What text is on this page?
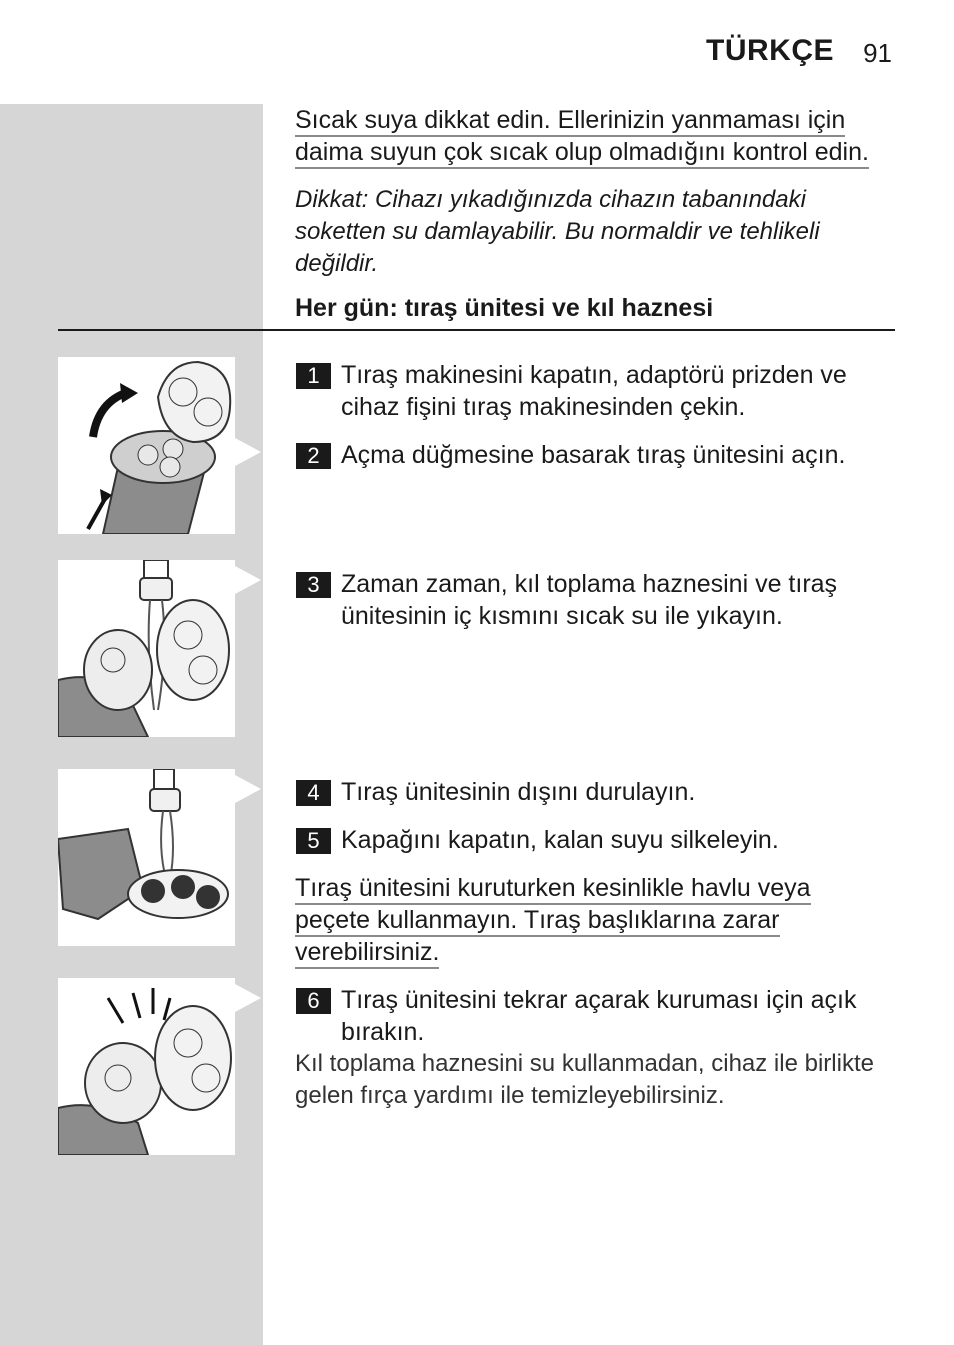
TÜRKÇE 91
Sıcak suya dikkat edin. Ellerinizin yanmaması için
daima suyun çok sıcak olup olmadığını kontrol edin.
Dikkat: Cihazı yıkadığınızda cihazın tabanındaki
soketten su damlayabilir. Bu normaldir ve tehlikeli
değildir.
Her gün: tıraş ünitesi ve kıl haznesi
1 Tıraş makinesini kapatın, adaptörü prizden ve
cihaz fişini tıraş makinesinden çekin.
2 Açma düğmesine basarak tıraş ünitesini açın.
3 Zaman zaman, kıl toplama haznesini ve tıraş
ünitesinin iç kısmını sıcak su ile yıkayın.
4 Tıraş ünitesinin dışını durulayın.
5 Kapağını kapatın, kalan suyu silkeleyin.
Tıraş ünitesini kuruturken kesinlikle havlu veya
peçete kullanmayın. Tıraş başlıklarına zarar
verebilirsiniz.
6 Tıraş ünitesini tekrar açarak kuruması için açık
bırakın.
Kıl toplama haznesini su kullanmadan, cihaz ile birlikte
gelen fırça yardımı ile temizleyebilirsiniz.
